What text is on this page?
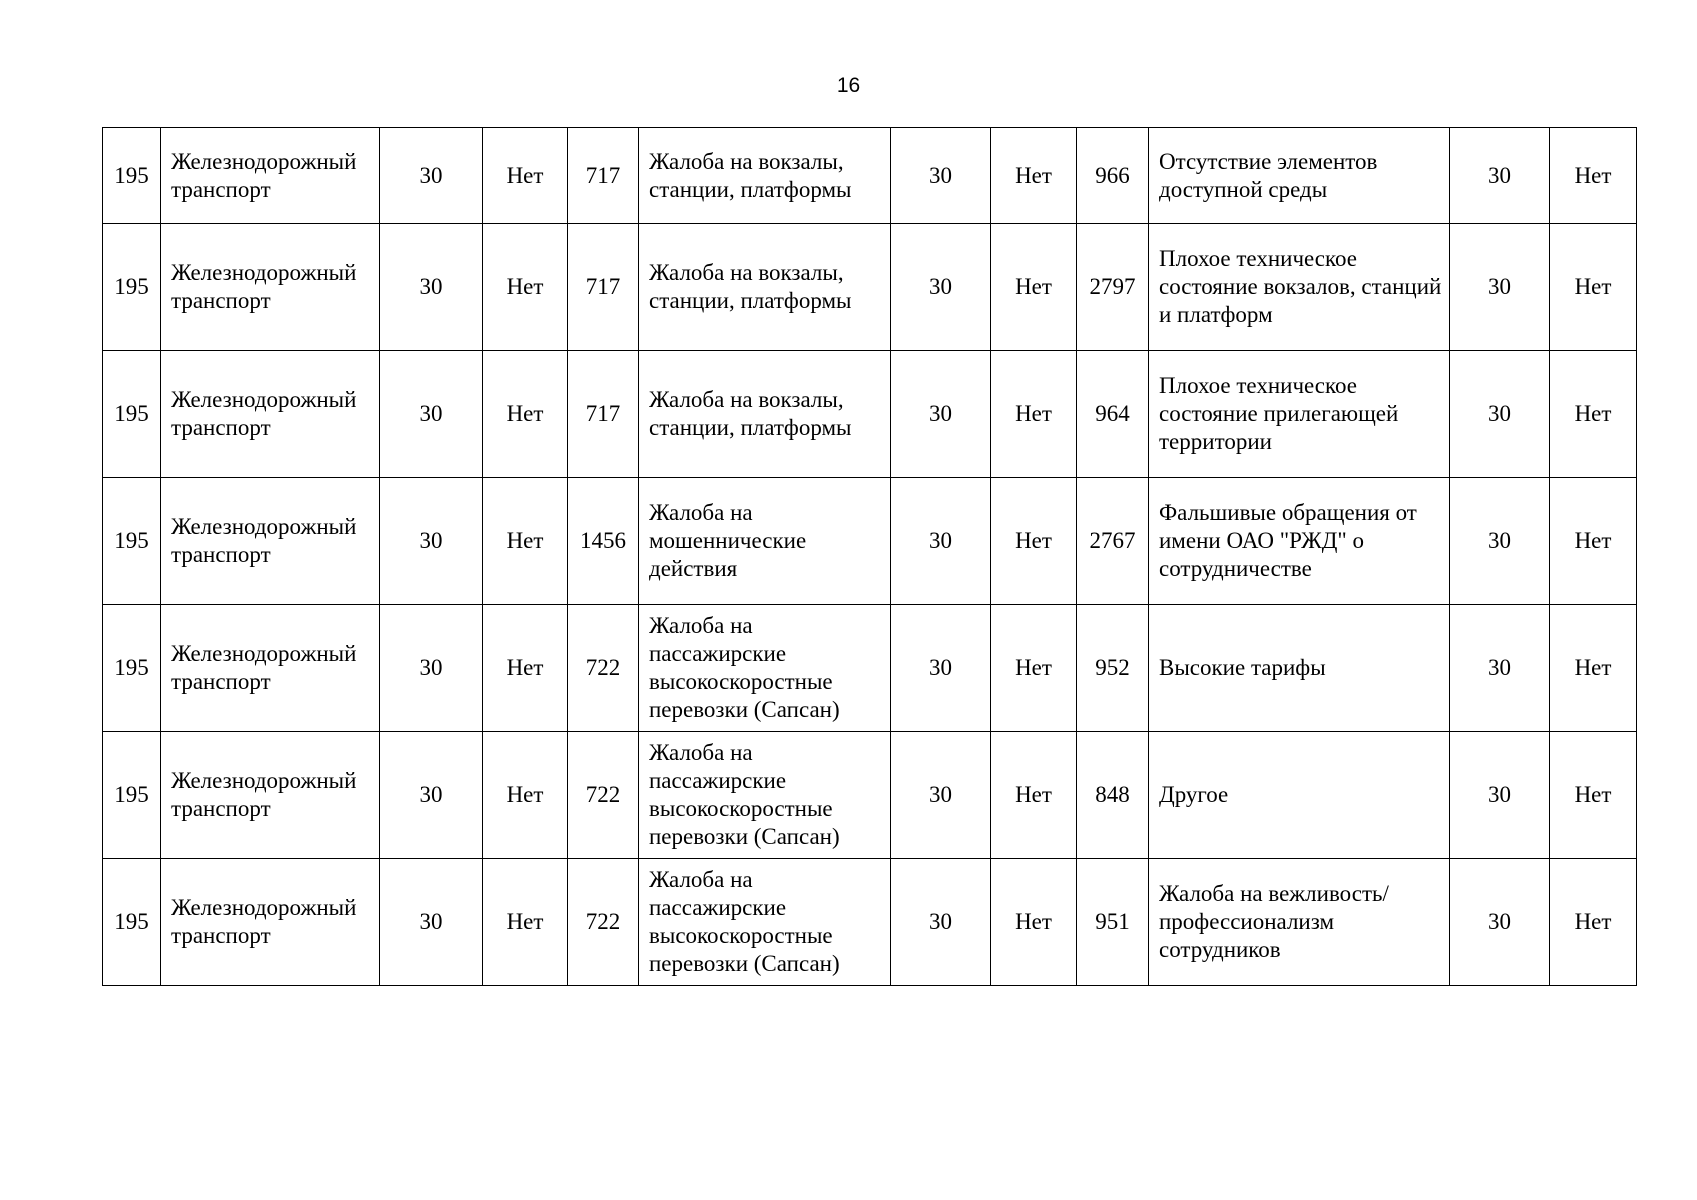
16
195	Железнодорожный транспорт	30	Нет	717	Жалоба на вокзалы, станции, платформы	30	Нет	966	Отсутствие элементов доступной среды	30	Нет
195	Железнодорожный транспорт	30	Нет	717	Жалоба на вокзалы, станции, платформы	30	Нет	2797	Плохое техническое состояние вокзалов, станций и платформ	30	Нет
195	Железнодорожный транспорт	30	Нет	717	Жалоба на вокзалы, станции, платформы	30	Нет	964	Плохое техническое состояние прилегающей территории	30	Нет
195	Железнодорожный транспорт	30	Нет	1456	Жалоба на мошеннические действия	30	Нет	2767	Фальшивые обращения от имени ОАО "РЖД" о сотрудничестве	30	Нет
195	Железнодорожный транспорт	30	Нет	722	Жалоба на пассажирские высокоскоростные перевозки (Сапсан)	30	Нет	952	Высокие тарифы	30	Нет
195	Железнодорожный транспорт	30	Нет	722	Жалоба на пассажирские высокоскоростные перевозки (Сапсан)	30	Нет	848	Другое	30	Нет
195	Железнодорожный транспорт	30	Нет	722	Жалоба на пассажирские высокоскоростные перевозки (Сапсан)	30	Нет	951	Жалоба на вежливость/профессионализм сотрудников	30	Нет
